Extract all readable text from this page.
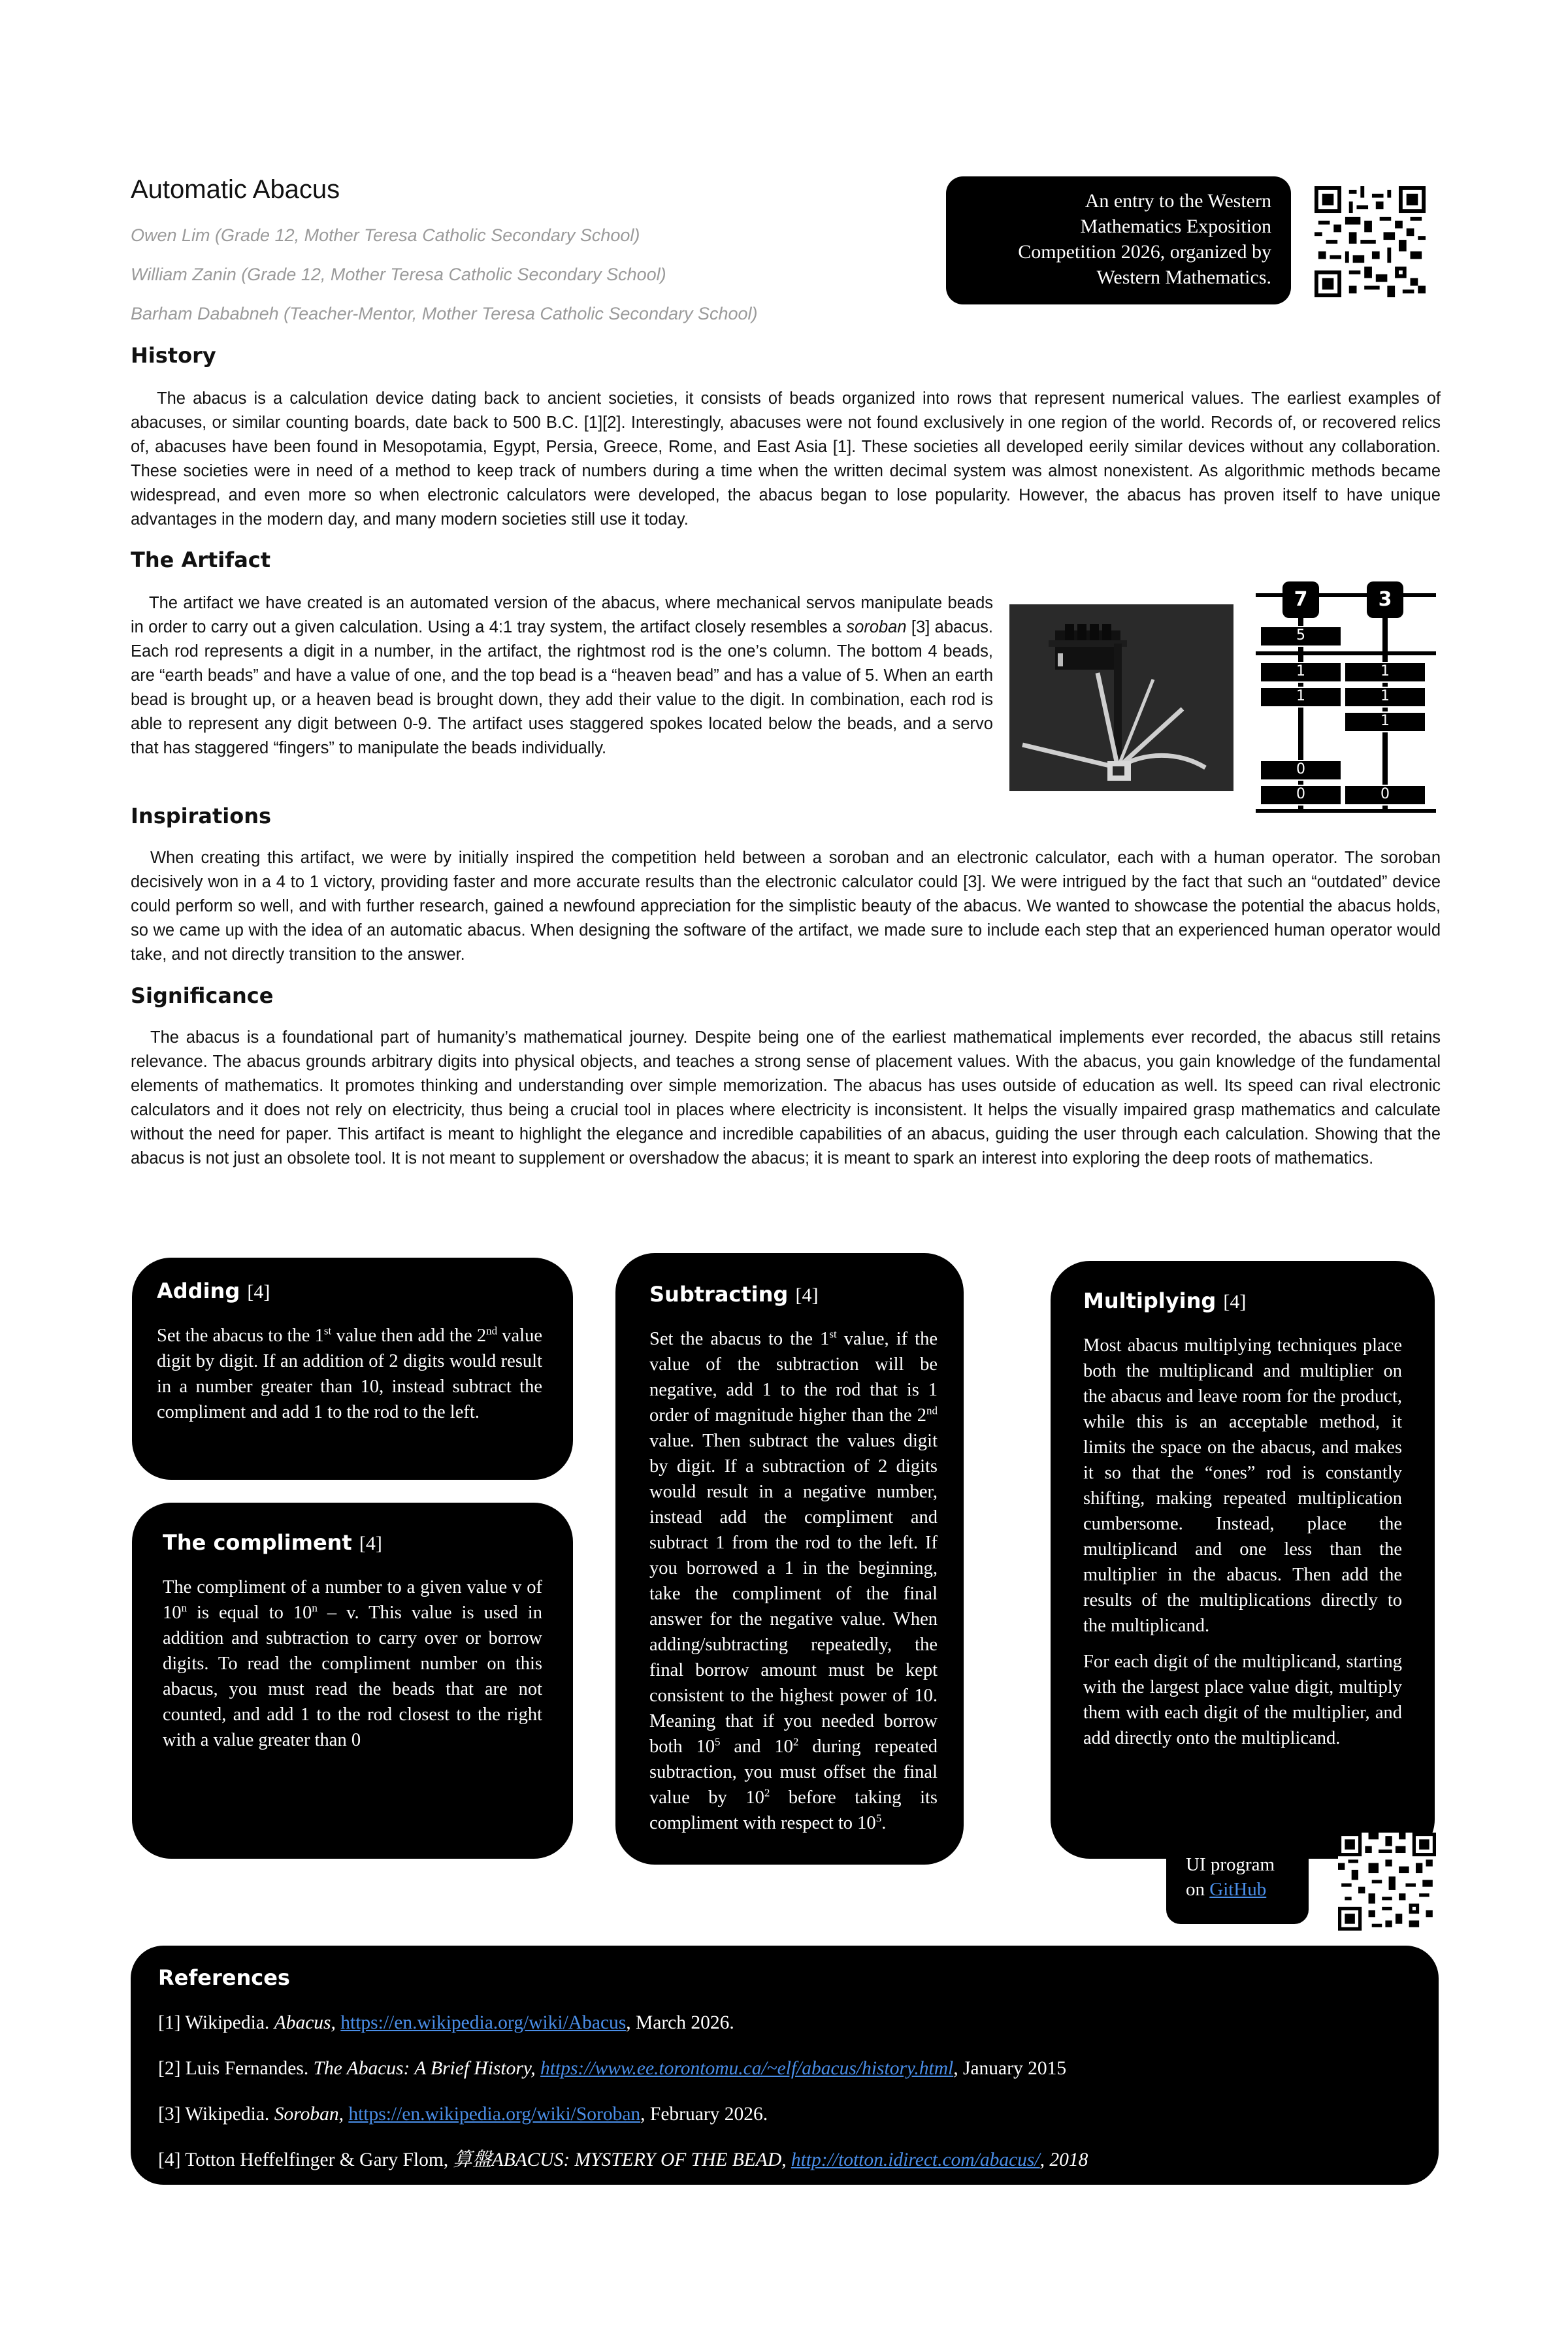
Automatic Abacus
Owen Lim (Grade 12, Mother Teresa Catholic Secondary School)
William Zanin (Grade 12, Mother Teresa Catholic Secondary School)
Barham Dababneh (Teacher-Mentor, Mother Teresa Catholic Secondary School)
An entry to the Western
Mathematics Exposition
Competition 2026, organized by
Western Mathematics.
History
The abacus is a calculation device dating back to ancient societies, it consists of beads organized into rows that represent numerical values. The earliest examples of abacuses, or similar counting boards, date back to 500 B.C. [1][2]. Interestingly, abacuses were not found exclusively in one region of the world. Records of, or recovered relics of, abacuses have been found in Mesopotamia, Egypt, Persia, Greece, Rome, and East Asia [1]. These societies all developed eerily similar devices without any collaboration. These societies were in need of a method to keep track of numbers during a time when the written decimal system was almost nonexistent. As algorithmic methods became widespread, and even more so when electronic calculators were developed, the abacus began to lose popularity. However, the abacus has proven itself to have unique advantages in the modern day, and many modern societies still use it today.
The Artifact
The artifact we have created is an automated version of the abacus, where mechanical servos manipulate beads in order to carry out a given calculation. Using a 4:1 tray system, the artifact closely resembles a soroban [3] abacus. Each rod represents a digit in a number, in the artifact, the rightmost rod is the one’s column. The bottom 4 beads, are “earth beads” and have a value of one, and the top bead is a “heaven bead” and has a value of 5. When an earth bead is brought up, or a heaven bead is brought down, they add their value to the digit. In combination, each rod is able to represent any digit between 0-9. The artifact uses staggered spokes located below the beads, and a servo that has staggered “fingers” to manipulate the beads individually.
7	3
5
1
1
0
0
1
1
1
0
Inspirations
When creating this artifact, we were by initially inspired the competition held between a soroban and an electronic calculator, each with a human operator. The soroban decisively won in a 4 to 1 victory, providing faster and more accurate results than the electronic calculator could [3]. We were intrigued by the fact that such an “outdated” device could perform so well, and with further research, gained a newfound appreciation for the simplistic beauty of the abacus. We wanted to showcase the potential the abacus holds, so we came up with the idea of an automatic abacus. When designing the software of the artifact, we made sure to include each step that an experienced human operator would take, and not directly transition to the answer.
Significance
The abacus is a foundational part of humanity’s mathematical journey. Despite being one of the earliest mathematical implements ever recorded, the abacus still retains relevance. The abacus grounds arbitrary digits into physical objects, and teaches a strong sense of placement values. With the abacus, you gain knowledge of the fundamental elements of mathematics. It promotes thinking and understanding over simple memorization. The abacus has uses outside of education as well. Its speed can rival electronic calculators and it does not rely on electricity, thus being a crucial tool in places where electricity is inconsistent. It helps the visually impaired grasp mathematics and calculate without the need for paper. This artifact is meant to highlight the elegance and incredible capabilities of an abacus, guiding the user through each calculation. Showing that the abacus is not just an obsolete tool. It is not meant to supplement or overshadow the abacus; it is meant to spark an interest into exploring the deep roots of mathematics.
Adding [4]

Set the abacus to the 1st value then add the 2nd value digit by digit. If an addition of 2 digits would result in a number greater than 10, instead subtract the compliment and add 1 to the rod to the left.

The compliment [4]

The compliment of a number to a given value v of 10$^n$ is equal to 10$^n$ – v. This value is used in addition and subtraction to carry over or borrow digits. To read the compliment number on this abacus, you must read the beads that are not counted, and add 1 to the rod closest to the right with a value greater than 0

Subtracting [4]

Set the abacus to the 1st value, if the value of the subtraction will be negative, add 1 to the rod that is 1 order of magnitude higher than the 2nd value. Then subtract the values digit by digit. If a subtraction of 2 digits would result in a negative number, instead add the compliment and subtract 1 from the rod to the left. If you borrowed a 1 in the beginning, take the compliment of the final answer for the negative value. When adding/subtracting repeatedly, the final borrow amount must be kept consistent to the highest power of 10. Meaning that if you needed borrow both $10^5$ and $10^2$ during repeated subtraction, you must offset the final value by $10^2$ before taking its compliment with respect to $10^5$.

Multiplying [4]

Most abacus multiplying techniques place both the multiplicand and multiplier on the abacus and leave room for the product, while this is an acceptable method, it limits the space on the abacus, and makes it so that the “ones” rod is constantly shifting, making repeated multiplication cumbersome. Instead, place the multiplicand and one less than the multiplier in the abacus. Then add the results of the multiplications directly to the multiplicand.

For each digit of the multiplicand, starting with the largest place value digit, multiply them with each digit of the multiplier, and add directly onto the multiplicand.

UI program
on GitHub
References
[1] Wikipedia. Abacus, https://en.wikipedia.org/wiki/Abacus, March 2026.
[2] Luis Fernandes. The Abacus: A Brief History, https://www.ee.torontomu.ca/~elf/abacus/history.html, January 2015
[3] Wikipedia. Soroban, https://en.wikipedia.org/wiki/Soroban, February 2026.
[4] Totton Heffelfinger & Gary Flom, 算盤ABACUS: MYSTERY OF THE BEAD, http://totton.idirect.com/abacus/, 2018
